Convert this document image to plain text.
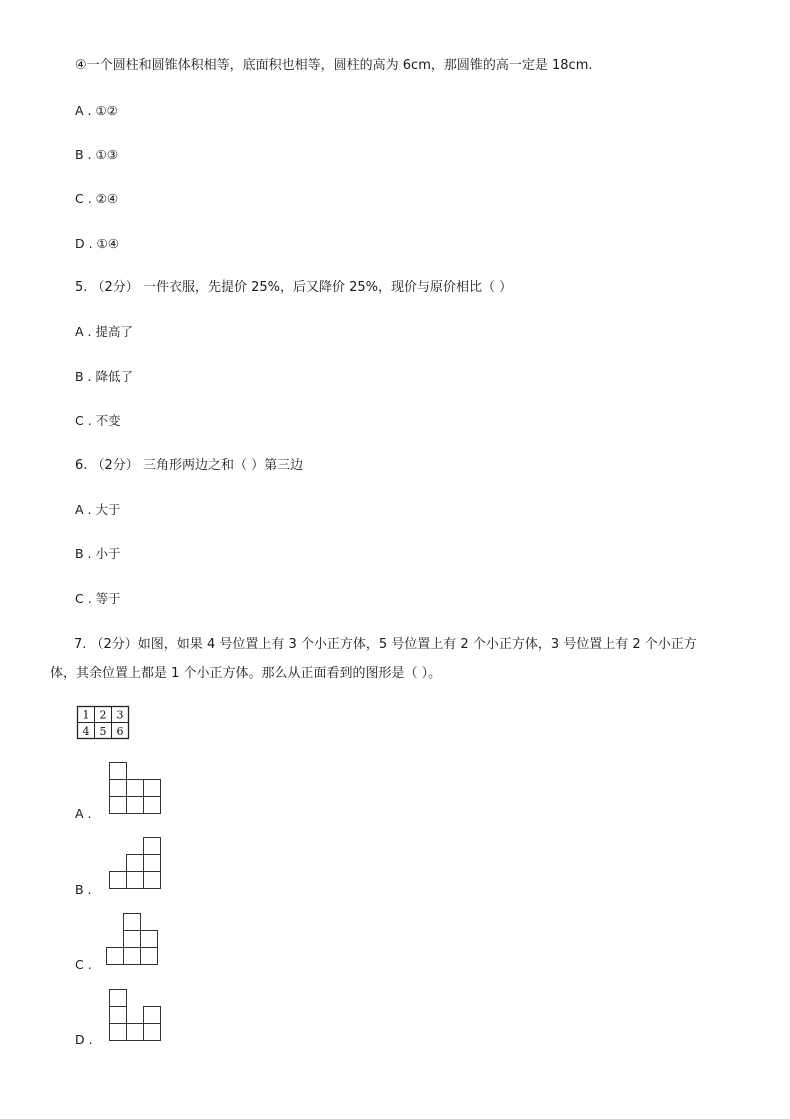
④一个圆柱和圆锥体积相等，底面积也相等，圆柱的高为 6cm，那圆锥的高一定是 18cm.
A . ①②
B . ①③
C . ②④
D . ①④
5. （2分） 一件衣服，先提价 25%，后又降价 25%，现价与原价相比（ ）
A . 提高了
B . 降低了
C . 不变
6. （2分） 三角形两边之和（ ）第三边
A . 大于
B . 小于
C . 等于
7. （2分）如图，如果 4 号位置上有 3 个小正方体，5 号位置上有 2 个小正方体，3 号位置上有 2 个小正方
体，其余位置上都是 1 个小正方体。那么从正面看到的图形是（ ）。
1 2 3
4 5 6
A .
B .
C .
D .
